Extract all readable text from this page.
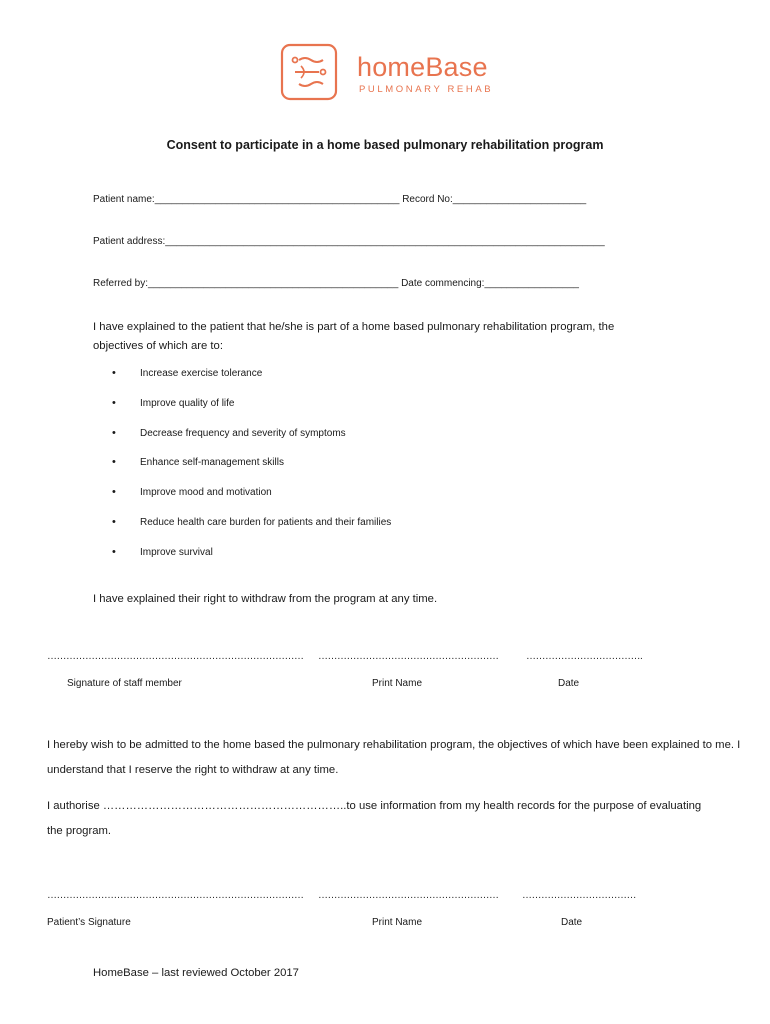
homeBase
PULMONARY REHAB
Consent to participate in a home based pulmonary rehabilitation program
Patient name:____________________________________________ Record No:________________________
Patient address:_______________________________________________________________________________
Referred by:_____________________________________________ Date commencing:_________________
I have explained to the patient that he/she is part of a home based pulmonary rehabilitation program, the objectives of which are to:
• Increase exercise tolerance
• Improve quality of life
• Decrease frequency and severity of symptoms
• Enhance self-management skills
• Improve mood and motivation
• Reduce health care burden for patients and their families
• Improve survival
I have explained their right to withdraw from the program at any time.
……………………………………………………………………… …………………………………………………	……………………………….
Signature of staff member	Print Name	Date
I hereby wish to be admitted to the home based the pulmonary rehabilitation program, the objectives of which have been explained to me. I understand that I reserve the right to withdraw at any time.
I authorise ………………………………………………………..to use information from my health records for the purpose of evaluating the program.
……………………………………………………………………… ………………………………………………… ………………………………
Patient’s Signature	Print Name	Date
HomeBase – last reviewed October 2017
